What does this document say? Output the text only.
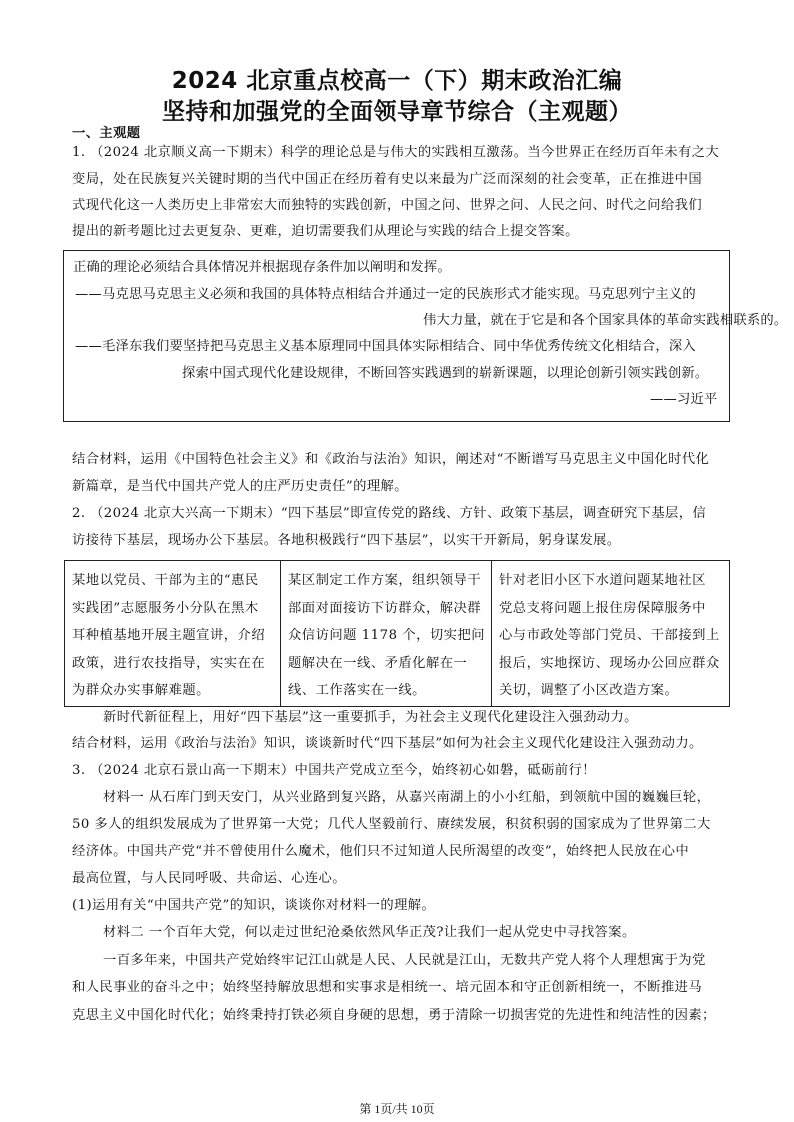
2024 北京重点校高一（下）期末政治汇编
坚持和加强党的全面领导章节综合（主观题）
一、主观题
1. （2024 北京顺义高一下期末）科学的理论总是与伟大的实践相互激荡。当今世界正在经历百年未有之大
变局，处在民族复兴关键时期的当代中国正在经历着有史以来最为广泛而深刻的社会变革，正在推进中国
式现代化这一人类历史上非常宏大而独特的实践创新，中国之问、世界之问、人民之问、时代之问给我们
提出的新考题比过去更复杂、更难，迫切需要我们从理论与实践的结合上提交答案。
正确的理论必须结合具体情况并根据现存条件加以阐明和发挥。
——马克思马克思主义必须和我国的具体特点相结合并通过一定的民族形式才能实现。马克思列宁主义的
伟大力量，就在于它是和各个国家具体的革命实践相联系的。
——毛泽东我们要坚持把马克思主义基本原理同中国具体实际相结合、同中华优秀传统文化相结合，深入
探索中国式现代化建设规律，不断回答实践遇到的崭新课题，以理论创新引领实践创新。
——习近平
结合材料，运用《中国特色社会主义》和《政治与法治》知识，阐述对“不断谱写马克思主义中国化时代化
新篇章，是当代中国共产党人的庄严历史责任”的理解。
2. （2024 北京大兴高一下期末）“四下基层”即宣传党的路线、方针、政策下基层，调查研究下基层，信
访接待下基层，现场办公下基层。各地积极践行“四下基层”，以实干开新局，躬身谋发展。
某地以党员、干部为主的“惠民
实践团”志愿服务小分队在黑木
耳种植基地开展主题宣讲，介绍
政策，进行农技指导，实实在在
为群众办实事解难题。

某区制定工作方案，组织领导干
部面对面接访下访群众，解决群
众信访问题 1178 个，切实把问
题解决在一线、矛盾化解在一
线、工作落实在一线。

针对老旧小区下水道问题某地社区
党总支将问题上报住房保障服务中
心与市政处等部门党员、干部接到上
报后，实地探访、现场办公回应群众
关切，调整了小区改造方案。
新时代新征程上，用好“四下基层”这一重要抓手，为社会主义现代化建设注入强劲动力。
结合材料，运用《政治与法治》知识，谈谈新时代“四下基层”如何为社会主义现代化建设注入强劲动力。
3. （2024 北京石景山高一下期末）中国共产党成立至今，始终初心如磐，砥砺前行！
材料一 从石库门到天安门，从兴业路到复兴路，从嘉兴南湖上的小小红船，到领航中国的巍巍巨轮，
50 多人的组织发展成为了世界第一大党；几代人坚毅前行、赓续发展，积贫积弱的国家成为了世界第二大
经济体。中国共产党“并不曾使用什么魔术，他们只不过知道人民所渴望的改变”，始终把人民放在心中
最高位置，与人民同呼吸、共命运、心连心。
(1)运用有关“中国共产党”的知识，谈谈你对材料一的理解。
材料二 一个百年大党，何以走过世纪沧桑依然风华正茂?让我们一起从党史中寻找答案。
一百多年来，中国共产党始终牢记江山就是人民、人民就是江山，无数共产党人将个人理想寓于为党
和人民事业的奋斗之中；始终坚持解放思想和实事求是相统一、培元固本和守正创新相统一，不断推进马
克思主义中国化时代化；始终秉持打铁必须自身硬的思想，勇于清除一切损害党的先进性和纯洁性的因素；
第 1页/共 10页
